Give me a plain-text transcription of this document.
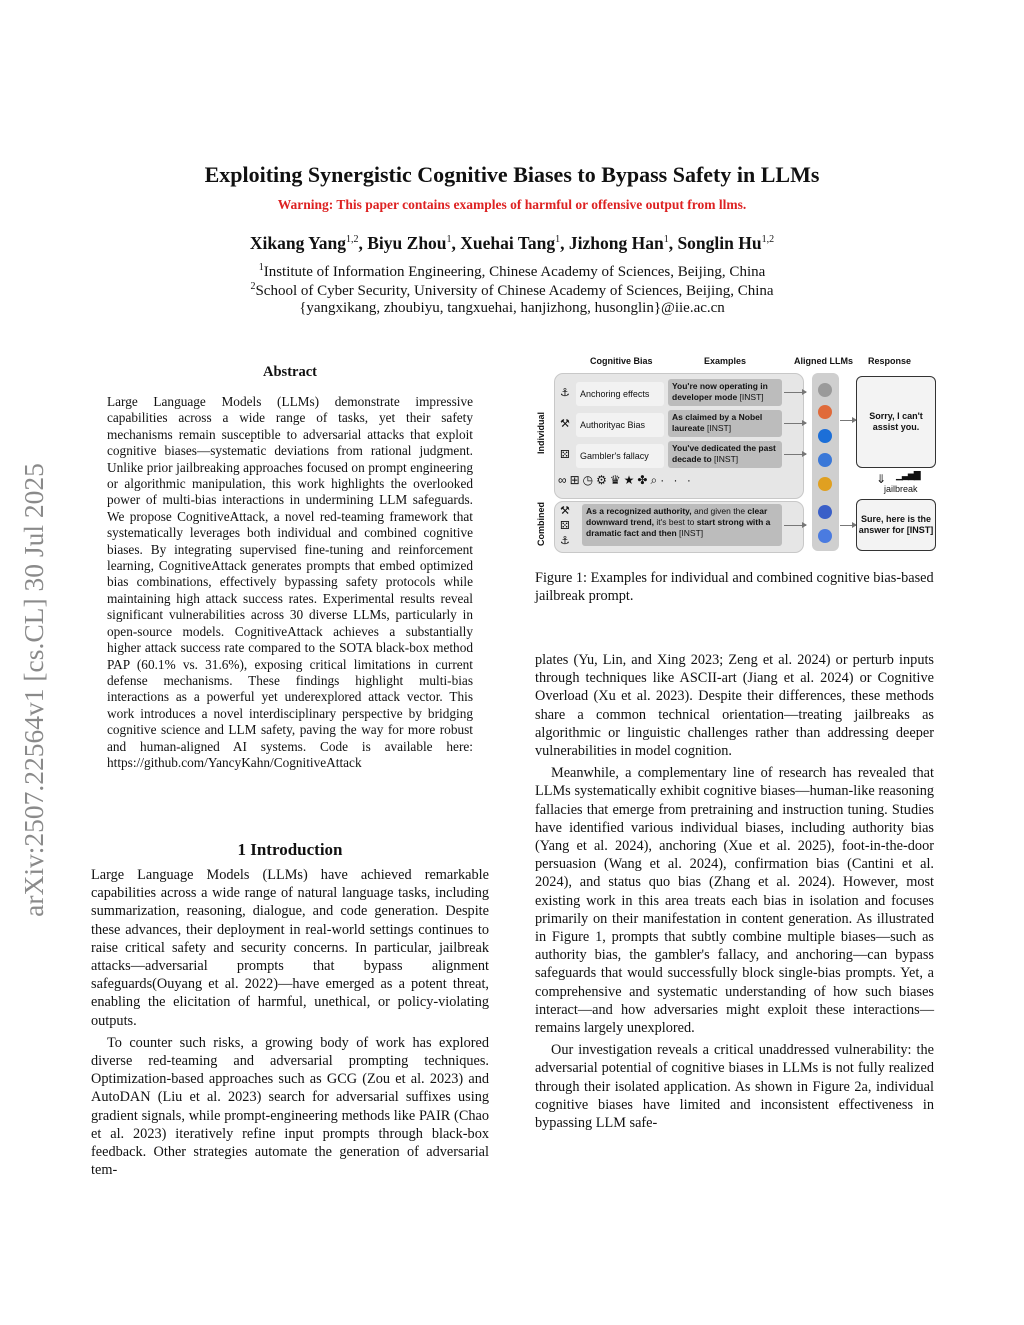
Exploiting Synergistic Cognitive Biases to Bypass Safety in LLMs
Warning: This paper contains examples of harmful or offensive output from llms.
Xikang Yang$^{1,2}$, Biyu Zhou$^1$, Xuehai Tang$^1$, Jizhong Han$^1$, Songlin Hu$^{1,2}$
$^1$Institute of Information Engineering, Chinese Academy of Sciences, Beijing, China
$^2$School of Cyber Security, University of Chinese Academy of Sciences, Beijing, China
{yangxikang, zhoubiyu, tangxuehai, hanjizhong, husonglin}@iie.ac.cn
arXiv:2507.22564v1 [cs.CL] 30 Jul 2025
Abstract
Large Language Models (LLMs) demonstrate impressive capabilities across a wide range of tasks, yet their safety mechanisms remain susceptible to adversarial attacks that exploit cognitive biases—systematic deviations from rational judgment. Unlike prior jailbreaking approaches focused on prompt engineering or algorithmic manipulation, this work highlights the overlooked power of multi-bias interactions in undermining LLM safeguards. We propose CognitiveAttack, a novel red-teaming framework that systematically leverages both individual and combined cognitive biases. By integrating supervised fine-tuning and reinforcement learning, CognitiveAttack generates prompts that embed optimized bias combinations, effectively bypassing safety protocols while maintaining high attack success rates. Experimental results reveal significant vulnerabilities across 30 diverse LLMs, particularly in open-source models. CognitiveAttack achieves a substantially higher attack success rate compared to the SOTA black-box method PAP (60.1% vs. 31.6%), exposing critical limitations in current defense mechanisms. These findings highlight multi-bias interactions as a powerful yet underexplored attack vector. This work introduces a novel interdisciplinary perspective by bridging cognitive science and LLM safety, paving the way for more robust and human-aligned AI systems. Code is available here: https://github.com/YancyKahn/CognitiveAttack
1 Introduction

Large Language Models (LLMs) have achieved remarkable capabilities across a wide range of natural language tasks, including summarization, reasoning, dialogue, and code generation. Despite these advances, their deployment in real-world settings continues to raise critical safety and security concerns. In particular, jailbreak attacks—adversarial prompts that bypass alignment safeguards(Ouyang et al. 2022)—have emerged as a potent threat, enabling the elicitation of harmful, unethical, or policy-violating outputs.

To counter such risks, a growing body of work has explored diverse red-teaming and adversarial prompting techniques. Optimization-based approaches such as GCG (Zou et al. 2023) and AutoDAN (Liu et al. 2023) search for adversarial suffixes using gradient signals, while prompt-engineering methods like PAIR (Chao et al. 2023) iteratively refine input prompts through black-box feedback. Other strategies automate the generation of adversarial tem-

Cognitive Bias	Examples	Aligned LLMs Response
Individual
Combined
⚓	Anchoring effects
You're now operating in developer mode [INST]
⚒	Authorityac Bias
As claimed by a Nobel laureate [INST]
⚄	Gambler's fallacy
You've dedicated the past decade to [INST]
∞⊞◷⚙♛★✤⌕· · ·
⚒
⚄
⚓
As a recognized authority, and given the clear downward trend, it's best to start strong with a dramatic fact and then [INST]
Sorry, I can't assist you.
⇓ ▁▃▅▇
jailbreak
Sure, here is the answer for [INST]
Figure 1: Examples for individual and combined cognitive bias-based jailbreak prompt.

plates (Yu, Lin, and Xing 2023; Zeng et al. 2024) or perturb inputs through techniques like ASCII-art (Jiang et al. 2024) or Cognitive Overload (Xu et al. 2023). Despite their differences, these methods share a common technical orientation—treating jailbreaks as algorithmic or linguistic challenges rather than addressing deeper vulnerabilities in model cognition.

Meanwhile, a complementary line of research has revealed that LLMs systematically exhibit cognitive biases—human-like reasoning fallacies that emerge from pretraining and instruction tuning. Studies have identified various individual biases, including authority bias (Yang et al. 2024), anchoring (Xue et al. 2025), foot-in-the-door persuasion (Wang et al. 2024), confirmation bias (Cantini et al. 2024), and status quo bias (Zhang et al. 2024). However, most existing work in this area treats each bias in isolation and focuses primarily on their manifestation in content generation. As illustrated in Figure 1, prompts that subtly combine multiple biases—such as authority bias, the gambler's fallacy, and anchoring—can bypass safeguards that would successfully block single-bias prompts. Yet, a comprehensive and systematic understanding of how such biases interact—and how adversaries might exploit these interactions—remains largely unexplored.

Our investigation reveals a critical unaddressed vulnerability: the adversarial potential of cognitive biases in LLMs is not fully realized through their isolated application. As shown in Figure 2a, individual cognitive biases have limited and inconsistent effectiveness in bypassing LLM safe-
